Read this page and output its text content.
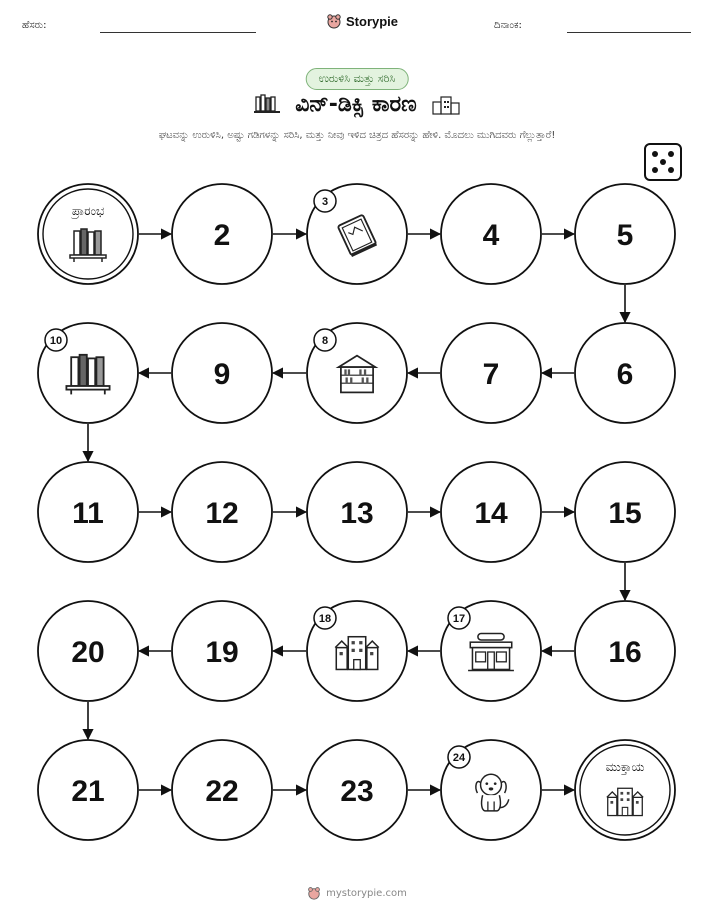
ಹೆಸರು:	Storypie	ದಿನಾಂಕ:
ಉರುಳಿಸಿ ಮತ್ತು ಸರಿಸಿ
ವಿನ್-ಡಿಕ್ಸಿ ಕಾರಣ
ಘಟವನ್ನು ಉರುಳಿಸಿ, ಅಷ್ಟು ಗಡಿಗಳನ್ನು ಸರಿಸಿ, ಮತ್ತು ನೀವು ಇಳಿದ ಚಿತ್ರದ ಹೆಸರನ್ನು ಹೇಳಿ. ಮೊದಲು ಮುಗಿದವರು ಗೆಲ್ಲುತ್ತಾರೆ!
ಪ್ರಾರಂಭ
2
3
4	5
6
7
8
9
10
11	12	13	14	15
16
17
18
19
20
21	22	23
24
ಮುಕ್ತಾಯ
mystorypie.com
